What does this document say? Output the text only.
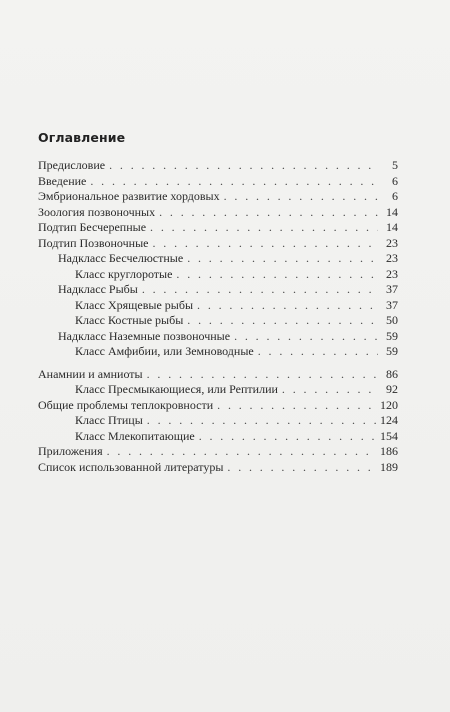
Оглавление
Предисловие . . .	5
Введение . . .	6
Эмбриональное развитие хордовых . . .	6
Зоология позвоночных . . .	14
Подтип Бесчерепные . . .	14
Подтип Позвоночные . . .	23
Надкласс Бесчелюстные . . .	23
Класс круглоротые . . .	23
Надкласс Рыбы . . .	37
Класс Хрящевые рыбы . . .	37
Класс Костные рыбы . . .	50
Надкласс Наземные позвоночные . . .	59
Класс Амфибии, или Земноводные . . .	59
Анамнии и амниоты . . .	86
Класс Пресмыкающиеся, или Рептилии . . .	92
Общие проблемы теплокровности . . .	120
Класс Птицы . . .	124
Класс Млекопитающие . . .	154
Приложения . . .	186
Список использованной литературы . . .	189
